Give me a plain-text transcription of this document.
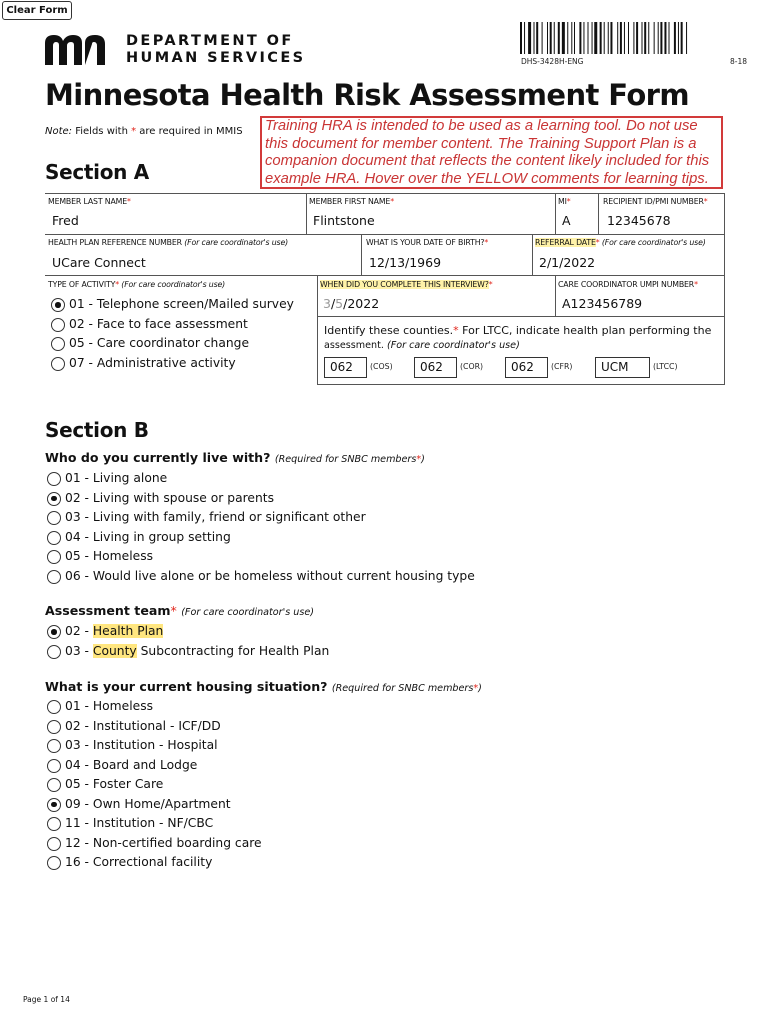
Clear Form
DEPARTMENT OF
HUMAN SERVICES	DHS-3428H-ENG	8-18
Minnesota Health Risk Assessment Form
Note: Fields with * are required in MMIS	Training HRA is intended to be used as a learning tool. Do not use this document for member content. The Training Support Plan is a companion document that reflects the content likely included for this example HRA. Hover over the YELLOW comments for learning tips.
Section A
MEMBER LAST NAME*
Fred
MEMBER FIRST NAME*
Flintstone
MI*
A
RECIPIENT ID/PMI NUMBER*
12345678
HEALTH PLAN REFERENCE NUMBER (For care coordinator's use)
UCare Connect
WHAT IS YOUR DATE OF BIRTH?*
12/13/1969
REFERRAL DATE* (For care coordinator's use)
2/1/2022
TYPE OF ACTIVITY* (For care coordinator's use)
01 - Telephone screen/Mailed survey
02 - Face to face assessment
05 - Care coordinator change
07 - Administrative activity
WHEN DID YOU COMPLETE THIS INTERVIEW?*
3/5/2022
CARE COORDINATOR UMPI NUMBER*
A123456789
Identify these counties.* For LTCC, indicate health plan performing the
assessment. (For care coordinator's use)
062	(COS)	062	(COR)	062	(CFR)	UCM	(LTCC)
Section B
Who do you currently live with? (Required for SNBC members*)
01 - Living alone
02 - Living with spouse or parents
03 - Living with family, friend or significant other
04 - Living in group setting
05 - Homeless
06 - Would live alone or be homeless without current housing type
Assessment team* (For care coordinator's use)
02 - Health Plan
03 - County Subcontracting for Health Plan
What is your current housing situation? (Required for SNBC members*)
01 - Homeless
02 - Institutional - ICF/DD
03 - Institution - Hospital
04 - Board and Lodge
05 - Foster Care
09 - Own Home/Apartment
11 - Institution - NF/CBC
12 - Non-certified boarding care
16 - Correctional facility
Page 1 of 14
